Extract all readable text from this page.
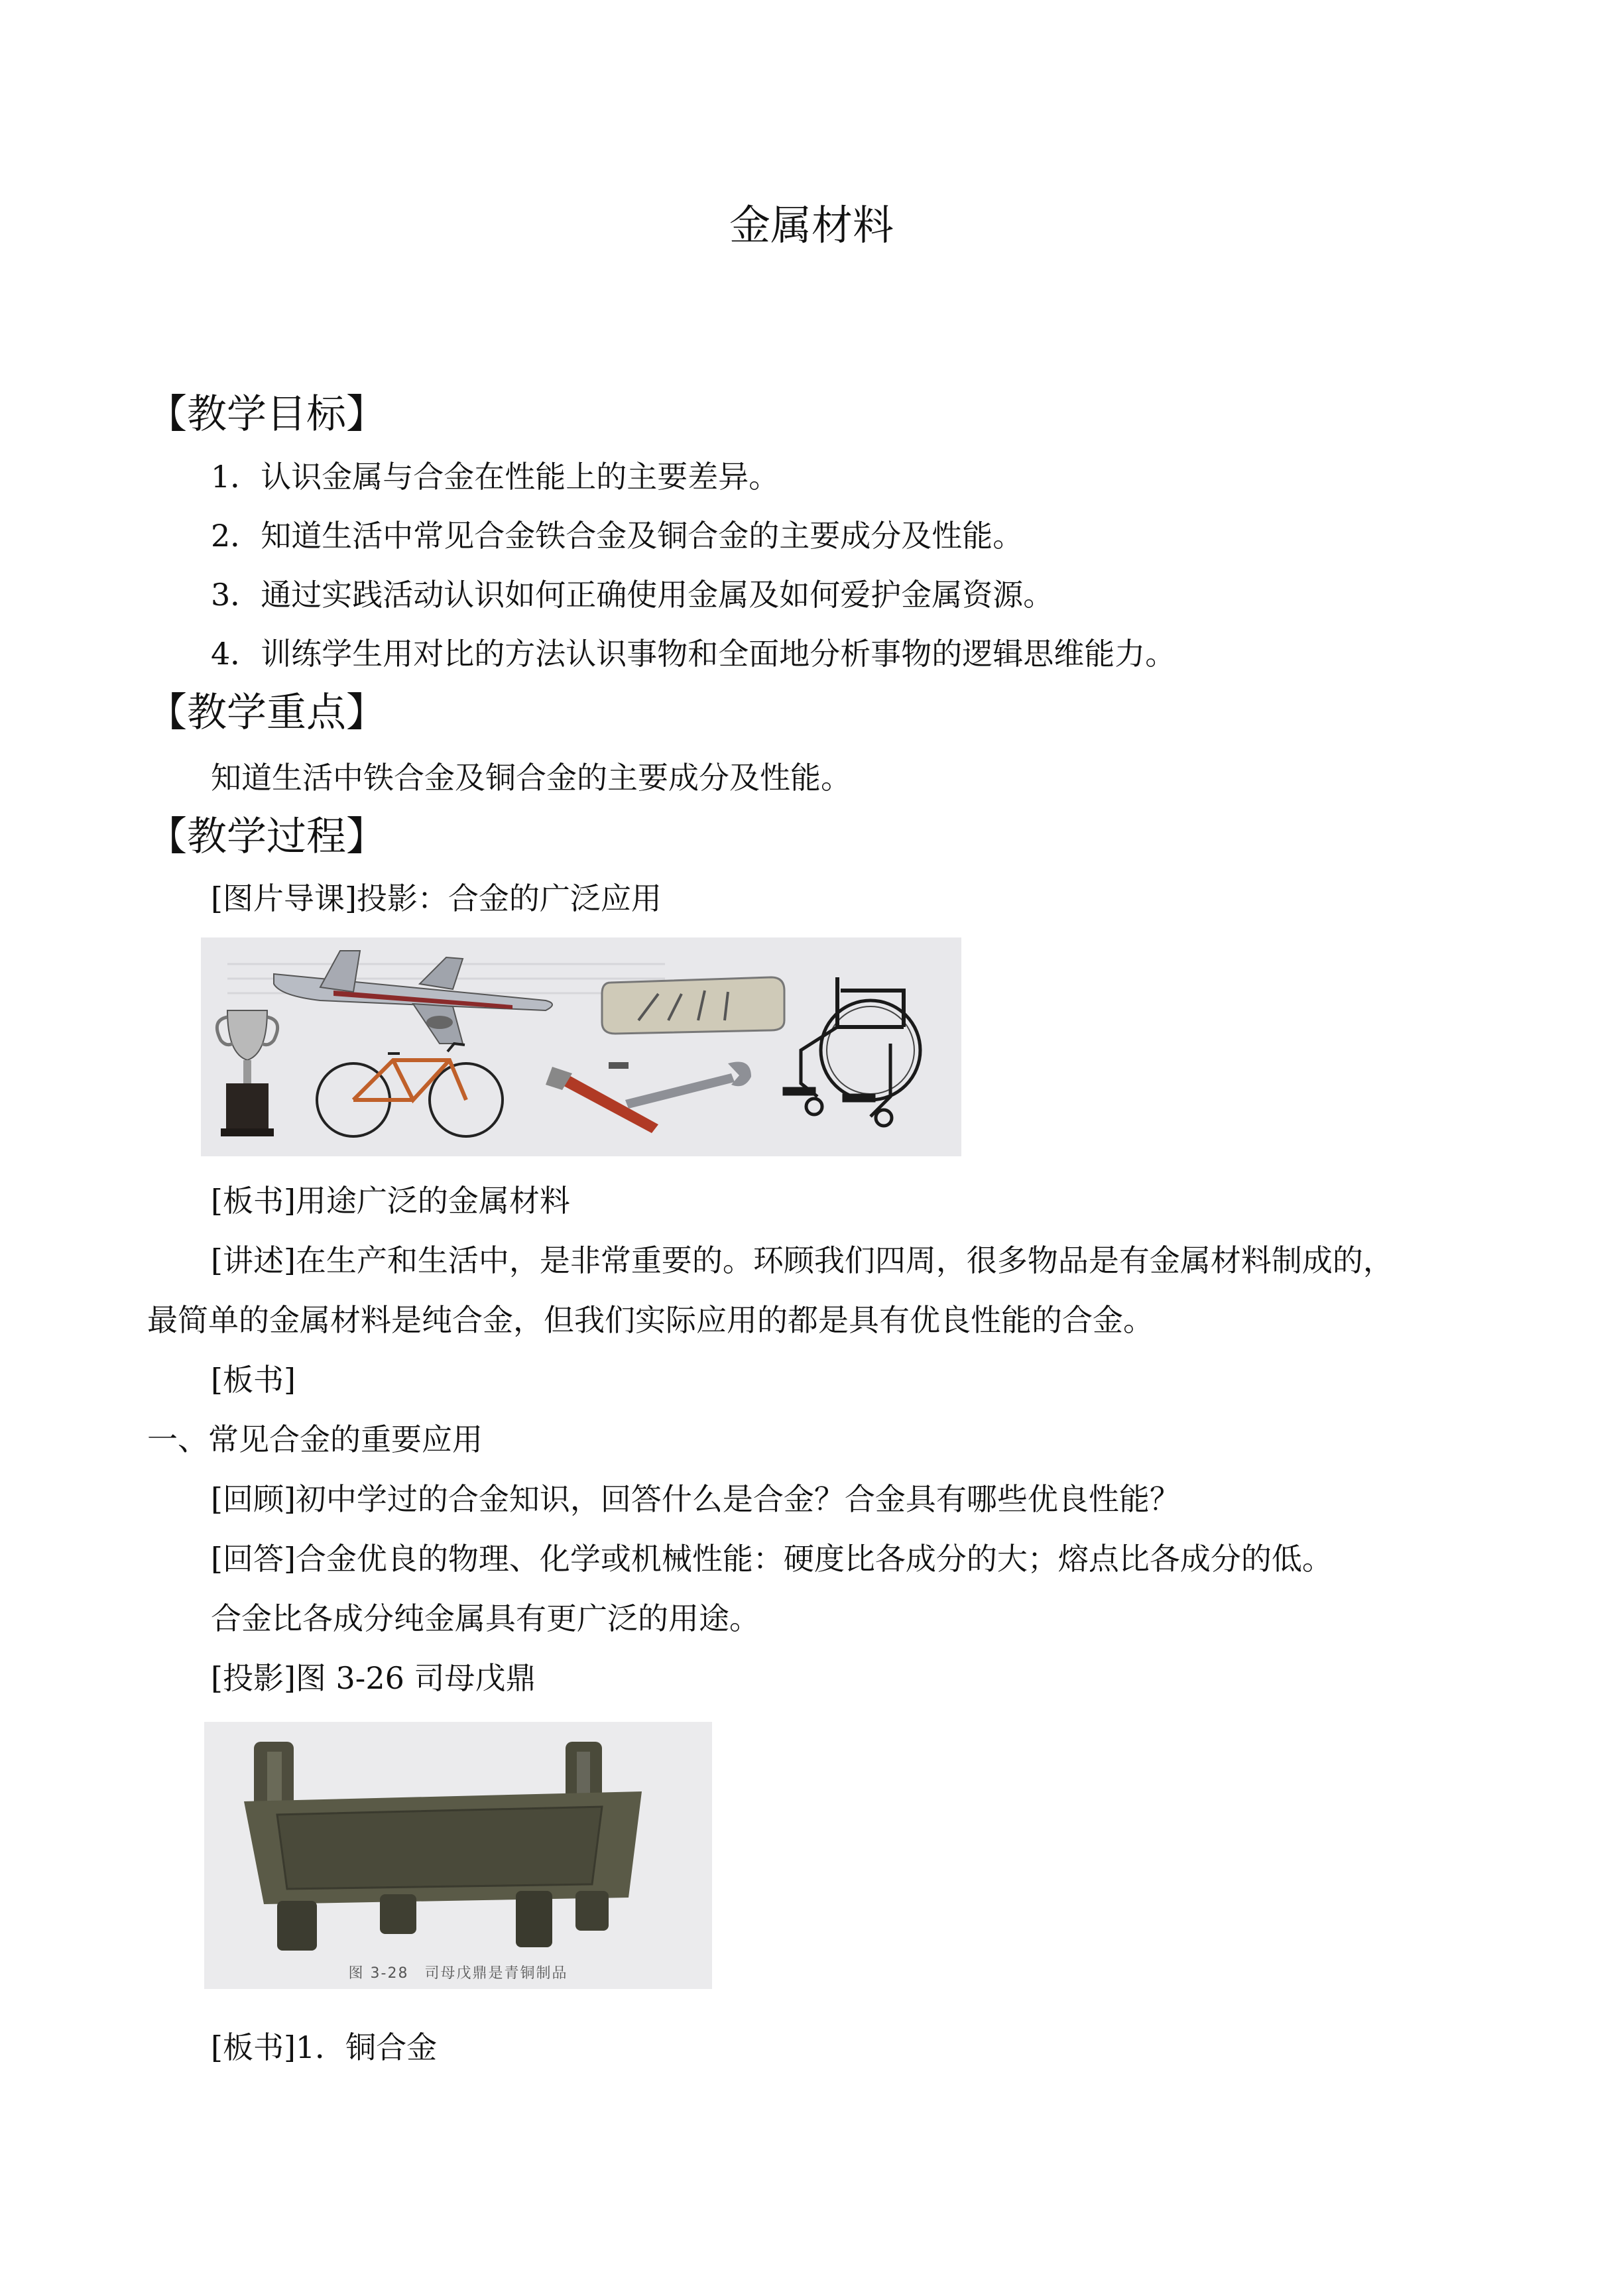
金属材料
【教学目标】
1．认识金属与合金在性能上的主要差异。
2．知道生活中常见合金铁合金及铜合金的主要成分及性能。
3．通过实践活动认识如何正确使用金属及如何爱护金属资源。
4．训练学生用对比的方法认识事物和全面地分析事物的逻辑思维能力。
【教学重点】
知道生活中铁合金及铜合金的主要成分及性能。
【教学过程】
[图片导课]投影：合金的广泛应用
[板书]用途广泛的金属材料
[讲述]在生产和生活中，是非常重要的。环顾我们四周，很多物品是有金属材料制成的，
最简单的金属材料是纯合金，但我们实际应用的都是具有优良性能的合金。
[板书]
一、常见合金的重要应用
[回顾]初中学过的合金知识，回答什么是合金？合金具有哪些优良性能？
[回答]合金优良的物理、化学或机械性能：硬度比各成分的大；熔点比各成分的低。
合金比各成分纯金属具有更广泛的用途。
[投影]图 3-26 司母戊鼎
图 3-28　司母戊鼎是青铜制品
[板书]1．铜合金
